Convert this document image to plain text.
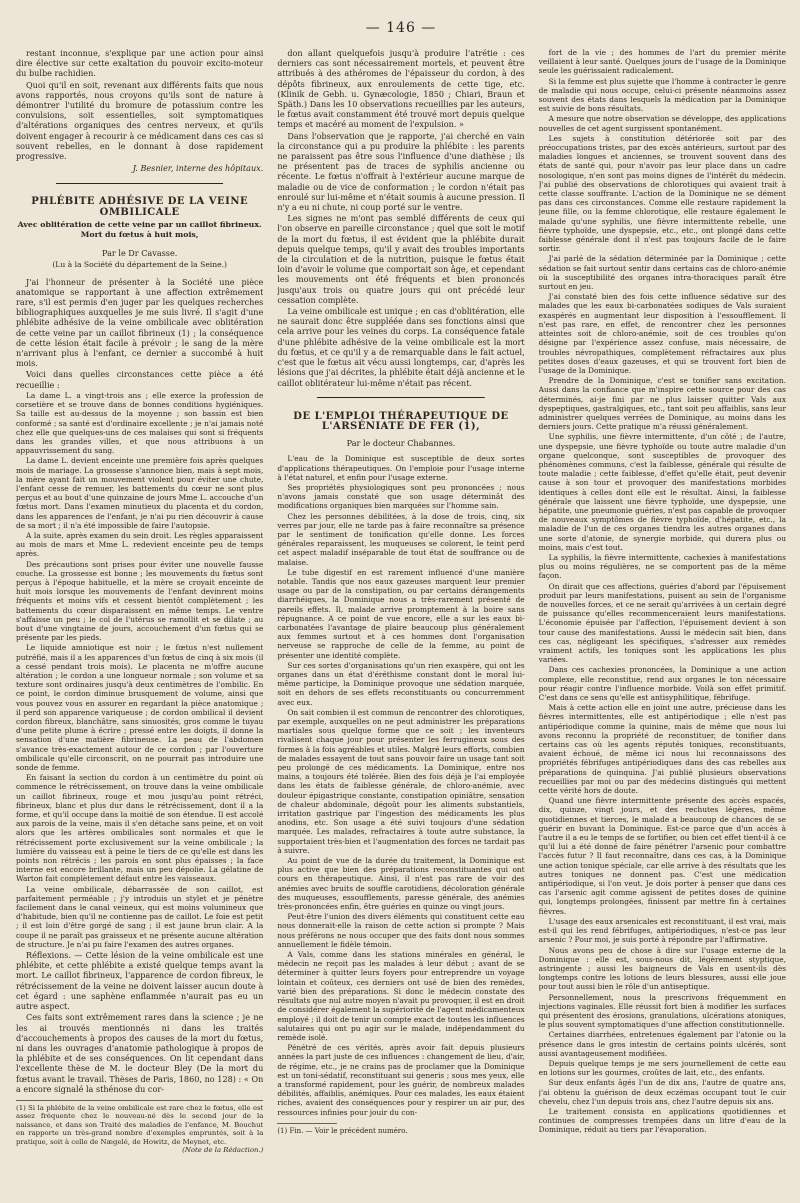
— 146 —

restant inconnue, s'explique par une action pour ainsi dire élective sur cette exaltation du pouvoir excito-moteur du bulbe rachidien.

Quoi qu'il en soit, revenant aux différents faits que nous avons rapportés, nous croyons qu'ils sont de nature à démontrer l'utilité du bromure de potassium contre les convulsions, soit essentielles, soit symptomatiques d'altérations organiques des centres nerveux, et qu'ils doivent engager à recourir à ce médicament dans ces cas si souvent rebelles, en le donnant à dose rapidement progressive.

J. Besnier, interne des hôpitaux.
PHLÉBITE ADHÉSIVE DE LA VEINE OMBILICALE
Avec oblitération de cette veine par un caillot fibrineux. Mort du fœtus à huit mois,
Par le Dr Cavasse.
(Lu à la Société du département de la Seine.)

J'ai l'honneur de présenter à la Société une pièce anatomique se rapportant à une affection extrêmement rare, s'il est permis d'en juger par les quelques recherches bibliographiques auxquelles je me suis livré. Il s'agit d'une phlébite adhésive de la veine ombilicale avec oblitération de cette veine par un caillot fibrineux (1) ; la conséquence de cette lésion était facile à prévoir ; le sang de la mère n'arrivant plus à l'enfant, ce dernier a succombé à huit mois.

Voici dans quelles circonstances cette pièce a été recueillie :

La dame L. a vingt-trois ans ; elle exerce la profession de corsetière et se trouve dans de bonnes conditions hygiéniques. Sa taille est au-dessus de la moyenne ; son bassin est bien conformé ; sa santé est d'ordinaire excellente ; je n'ai jamais noté chez elle que quelques-uns de ces malaises qui sont si fréquents dans les grandes villes, et que nous attribuons à un appauvrissement du sang.

La dame L. devient enceinte une première fois après quelques mois de mariage. La grossesse s'annonce bien, mais à sept mois, la mère ayant fait un mouvement violent pour éviter une chute, l'enfant cesse de remuer, les battements du cœur ne sont plus perçus et au bout d'une quinzaine de jours Mme L. accouche d'un fœtus mort. Dans l'examen minutieux du placenta et du cordon, dans les apparences de l'enfant, je n'ai pu rien découvrir à cause de sa mort ; il n'a été impossible de faire l'autopsie.

A la suite, après examen du sein droit. Les règles apparaissent au mois de mars et Mme L. redevient enceinte peu de temps après.

Des précautions sont prises pour éviter une nouvelle fausse couche. La grossesse est bonne ; les mouvements du fœtus sont perçus à l'époque habituelle, et la mère se croyait enceinte de huit mois lorsque les mouvements de l'enfant devinrent moins fréquents et moins vifs et cessent bientôt complètement ; les battements du cœur disparaissent en même temps. Le ventre s'affaisse un peu ; le col de l'utérus se ramollit et se dilate ; au bout d'une vingtaine de jours, accouchement d'un fœtus qui se présente par les pieds.

Le liquide amniotique est noir ; le fœtus n'est nullement putréfié, mais il a les apparences d'un fœtus de cinq à six mois (il a cessé pendant trois mois). Le placenta ne m'offre aucune altération ; le cordon a une longueur normale ; son volume et sa texture sont ordinaires jusqu'à deux centimètres de l'ombilic. En ce point, le cordon diminue brusquement de volume, ainsi que vous pouvez vous en assurer en regardant la pièce anatomique ; il perd son apparence variqueuse ; de cordon ombilical il devient cordon fibreux, blanchâtre, sans sinuosités, gros comme le tuyau d'une petite plume à écrire ; pressé entre les doigts, il donne la sensation d'une matière fibrineuse. La peau de l'abdomen s'avance très-exactement autour de ce cordon ; par l'ouverture ombilicale qu'elle circonscrit, on ne pourrait pas introduire une sonde de femme.

En faisant la section du cordon à un centimètre du point où commence le rétrécissement, on trouve dans la veine ombilicale un caillot fibrineux, rouge et mou jusqu'au point rétréci, fibrineux, blanc et plus dur dans le rétrécissement, dont il a la forme, et qu'il occupe dans la moitié de son étendue. Il est accolé aux parois de la veine, mais il s'en détache sans peine, et on voit alors que les artères ombilicales sont normales et que le rétrécissement porte exclusivement sur la veine ombilicale ; la lumière du vaisseau est à peine le tiers de ce qu'elle est dans les points non rétrécis ; les parois en sont plus épaisses ; la face interne est encore brillante, mais un peu dépolie. La gélatine de Warton fait complètement défaut entre les vaisseaux.

La veine ombilicale, débarrassée de son caillot, est parfaitement perméable ; j'y introduis un stylet et je pénètre facilement dans le canal veineux, qui est moins volumineux que d'habitude, bien qu'il ne contienne pas de caillot. Le foie est petit ; il est loin d'être gorgé de sang ; il est jaune brun clair. A la coupe il ne paraît pas graisseux et ne présente aucune altération de structure. Je n'ai pu faire l'examen des autres organes.

Réflexions. — Cette lésion de la veine ombilicale est une phlébite, et cette phlébite a existé quelque temps avant la mort. Le caillot fibrineux, l'apparence de cordon fibreux, le rétrécissement de la veine ne doivent laisser aucun doute à cet égard : une saphène enflammée n'aurait pas eu un autre aspect.

Ces faits sont extrêmement rares dans la science ; je ne les ai trouvés mentionnés ni dans les traités d'accouchements à propos des causes de la mort du fœtus, ni dans les ouvrages d'anatomie pathologique à propos de la phlébite et de ses conséquences. On lit cependant dans l'excellente thèse de M. le docteur Bley (De la mort du fœtus avant le travail. Thèses de Paris, 1860, no 128) : « On a encore signalé la sthénose du cor-

(1) Si la phlébite de la veine ombilicale est rare chez le fœtus, elle est assez fréquente chez le nouveau-né dès le second jour de la naissance, et dans son Traité des maladies de l'enfance, M. Bouchut en rapporte un très-grand nombre d'exemples empruntés, soit à la pratique, soit à celle de Nægelé, de Howitz, de Meynet, etc.
(Note de la Rédaction.)

don allant quelquefois jusqu'à produire l'atrétie : ces derniers cas sont nécessairement mortels, et peuvent être attribués à des athéromes de l'épaisseur du cordon, à des dépôts fibrineux, aux enroulements de cette tige, etc. (Klinik de Gebh. u. Gynæcologie, 1850 ; Chiari, Braun et Späth.) Dans les 10 observations recueillies par les auteurs, le fœtus avait constamment été trouvé mort depuis quelque temps et macéré au moment de l'expulsion. »

Dans l'observation que je rapporte, j'ai cherché en vain la circonstance qui a pu produire la phlébite : les parents ne paraissent pas être sous l'influence d'une diathèse ; ils ne présentent pas de traces de syphilis ancienne ou récente. Le fœtus n'offrait à l'extérieur aucune marque de maladie ou de vice de conformation ; le cordon n'était pas enroulé sur lui-même et n'était soumis à aucune pression. Il n'y a eu ni chute, ni coup porté sur le ventre.

Les signes ne m'ont pas semblé différents de ceux qui l'on observe en pareille circonstance ; quel que soit le motif de la mort du fœtus, il est évident que la phlébite durait depuis quelque temps, qu'il y avait des troubles importants de la circulation et de la nutrition, puisque le fœtus était loin d'avoir le volume que comportait son âge, et cependant les mouvements ont été fréquents et bien prononcés jusqu'aux trois ou quatre jours qui ont précédé leur cessation complète.

La veine ombilicale est unique ; en cas d'oblitération, elle ne saurait donc être suppléée dans ses fonctions ainsi que cela arrive pour les veines du corps. La conséquence fatale d'une phlébite adhésive de la veine ombilicale est la mort du fœtus, et ce qu'il y a de remarquable dans le fait actuel, c'est que le fœtus ait vécu aussi longtemps, car, d'après les lésions que j'ai décrites, la phlébite était déjà ancienne et le caillot oblitérateur lui-même n'était pas récent.

DE L'EMPLOI THÉRAPEUTIQUE DE L'ARSÉNIATE DE FER (1),
Par le docteur Chabannes.

L'eau de la Dominique est susceptible de deux sortes d'applications thérapeutiques. On l'emploie pour l'usage interne à l'état naturel, et enfin pour l'usage externe.

Ses propriétés physiologiques sont peu prononcées ; nous n'avons jamais constaté que son usage déterminât des modifications organiques bien marquées sur l'homme sain.

Chez les personnes débilitées, à la dose de trois, cinq, six verres par jour, elle ne tarde pas à faire reconnaître sa présence par le sentiment de tonification qu'elle donne. Les forces générales reparaissent, les muqueuses se colorent, le teint perd cet aspect maladif inséparable de tout état de souffrance ou de malaise.

Le tube digestif en est rarement influencé d'une manière notable. Tandis que nos eaux gazeuses marquent leur premier usage ou par de la constipation, ou par certains dérangements diarrhéiques, la Dominique nous a très-rarement présenté de pareils effets. Il, malade arrive promptement à la boire sans répugnance. A ce point de vue encore, elle a sur les eaux bi-carbonatées l'avantage de plaire beaucoup plus généralement aux femmes surtout et à ces hommes dont l'organisation nerveuse se rapproche de celle de la femme, au point de présenter une identité complète.

Sur ces sortes d'organisations qu'un rien exaspère, qui ont les organes dans un état d'éréthisme constant dont le moral lui-même participe, la Dominique provoque une sédation marquée, soit en dehors de ses effets reconstituants ou concurremment avec eux.

On sait combien il est commun de rencontrer des chlorotiques, par exemple, auxquelles on ne peut administrer les préparations martiales sous quelque forme que ce soit ; les inventeurs rivalisent chaque jour pour présenter les ferrugineux sous des formes à la fois agréables et utiles. Malgré leurs efforts, combien de malades essayent de tout sans pouvoir faire un usage tant soit peu prolongé de ces médicaments. La Dominique, entre nos mains, a toujours été tolérée. Bien des fois déjà je l'ai employée dans les états de faiblesse générale, de chloro-anémie, avec douleur épigastrique constante, constipation opiniâtre, sensation de chaleur abdominale, dégoût pour les aliments substantiels, irritation gastrique par l'ingestion des médicaments les plus anodins, etc. Son usage a été suivi toujours d'une sédation marquée. Les malades, refractaires à toute autre substance, la supportaient très-bien et l'augmentation des forces ne tardait pas à suivre.

Au point de vue de la durée du traitement, la Dominique est plus active que bien des préparations reconstituantes qui ont cours en thérapeutique. Ainsi, il n'est pas rare de voir des anémies avec bruits de souffle carotidiens, décoloration générale des muqueuses, essoufflements, paresse générale, des anémies très-prononcées enfin, être guéries en quinze ou vingt jours.

Peut-être l'union des divers éléments qui constituent cette eau nous donnerait-elle la raison de cette action si prompte ? Mais nous préférons ne nous occuper que des faits dont nous sommes annuellement le fidèle témoin.

A Vals, comme dans les stations minérales en général, le médecin ne reçoit pas les malades à leur début ; avant de se déterminer à quitter leurs foyers pour entreprendre un voyage lointain et coûteux, ces derniers ont usé de bien des remèdes, varié bien des préparations. Si donc le médecin constate des résultats que nul autre moyen n'avait pu provoquer, il est en droit de considérer également la supériorité de l'agent médicamenteux employé ; il doit de tenir un compte exact de toutes les influences salutaires qui ont pu agir sur le malade, indépendamment du remède isolé.

Pénétré de ces vérités, après avoir fait depuis plusieurs années la part juste de ces influences : changement de lieu, d'air, de régime, etc., je ne crains pas de proclamer que la Dominique est un toni-sédatif, reconstituant sui generis ; sous mes yeux, elle a transformé rapidement, pour les guérir, de nombreux malades débilités, affaiblis, anémiques. Pour ces malades, les eaux étaient riches, avaient des conséquences pour y respirer un air pur, des ressources infinies pour jouir du con-

(1) Fin. — Voir le précédent numéro.

fort de la vie ; des hommes de l'art du premier mérite veillaient à leur santé. Quelques jours de l'usage de la Dominique seule les guérissaient radicalement.

Si la femme est plus sujette que l'homme à contracter le genre de maladie qui nous occupe, celui-ci présente néanmoins assez souvent des états dans lesquels la médication par la Dominique est suivie de bons résultats.

A mesure que notre observation se développe, des applications nouvelles de cet agent surgissent spontanément.

Les sujets à constitution détériorée soit par des préoccupations tristes, par des excès antérieurs, surtout par des maladies longues et anciennes, se trouvent souvent dans des états de santé qui, pour n'avoir pas leur place dans un cadre nosologique, n'en sont pas moins dignes de l'intérêt du médecin. J'ai publié des observations de chlorotiques qui avaient trait à cette classe souffrante. L'action de la Dominique ne se dément pas dans ces circonstances. Comme elle restaure rapidement la jeune fille, ou la femme chlorotique, elle restaure également le malade qu'une syphilis, une fièvre intermittente rebelle, une fièvre typhoïde, une dyspepsie, etc., etc., ont plongé dans cette faiblesse générale dont il n'est pas toujours facile de le faire sortir.

J'ai parlé de la sédation déterminée par la Dominique ; cette sédation se fait surtout sentir dans certains cas de chloro-anémie où la susceptibilité des organes intra-thoraciques paraît être surtout en jeu.

J'ai constaté bien des fois cette influence sédative sur des malades que les eaux bi-carbonatées sodiques de Vals suraient exaspérés en augmentant leur disposition à l'essoufflement. Il n'est pas rare, en effet, de rencontrer chez les personnes atteintes soit de chloro-anémie, soit de ces troubles qu'on désigne par l'expérience assez confuse, mais nécessaire, de troubles névropathiques, complètement réfractaires aux plus petites doses d'eaux gazeuses, et qui se trouvent fort bien de l'usage de la Dominique.

Prendre de la Dominique, c'est se tonifier sans excitation. Aussi dans la confiance que m'inspire cette source pour des cas déterminés, ai-je fini par ne plus laisser quitter Vals aux dyspeptiques, gastralgiques, etc., tant soit peu affaiblis, sans leur administrer quelques verrées de Dominique, au moins dans les derniers jours. Cette pratique m'a réussi généralement.

Une syphilis, une fièvre intermittente, d'un côté ; de l'autre, une dyspepsie, une fièvre typhoïde ou toute autre maladie d'un organe quelconque, sont susceptibles de provoquer des phénomènes communs, c'est la faiblesse, générale qui résulte de toute maladie ; cette faiblesse, d'effet qu'elle était, peut devenir cause à son tour et provoquer des manifestations morbides identiques à celles dont elle est le résultat. Ainsi, la faiblesse générale que laissent une fièvre typhoïde, une dyspepsie, une hépatite, une pneumonie guéries, n'est pas capable de provoquer de nouveaux symptômes de fièvre typhoïde, d'hépatite, etc., la maladie de l'un de ces organes tiendra les autres organes dans une sorte d'atonie, de synergie morbide, qui durera plus ou moins, mais c'est tout.

La syphilis, la fièvre intermittente, cachexies à manifestations plus ou moins régulières, ne se comportent pas de la même façon.

On dirait que ces affections, guéries d'abord par l'épuisement produit par leurs manifestations, puisent au sein de l'organisme de nouvelles forces, et ce ne serait qu'arrivées à un certain degré de puissance qu'elles recommenceraient leurs manifestations. L'économie épuisée par l'affection, l'épuisement devient à son tour cause des manifestations. Aussi le médecin sait bien, dans ces cas, négligeant les spécifiques, s'adresser aux remèdes vraiment actifs, les toniques sont les applications les plus variées.

Dans ces cachexies prononcées, la Dominique a une action complexe, elle reconstitue, rend aux organes le ton nécessaire pour réagir contre l'influence morbide. Voilà son effet primitif. C'est dans ce sens qu'elle est antisyphilitique, fébrifuge.

Mais à cette action elle en joint une autre, précieuse dans les fièvres intermittentes, elle est antipériodique ; elle n'est pas antipériodique comme la quinine, mais de même que nous lui avons reconnu la propriété de reconstituer, de tonifier dans certains cas où les agents réputés toniques, reconstituants, avaient échoué, de même ici nous lui reconnaissons des propriétés fébrifuges antipériodiques dans des cas rebelles aux préparations de quinquina. J'ai publié plusieurs observations recueillies par moi ou par des médecins distingués qui mettent cette vérité hors de doute.

Quand une fièvre intermittente présente des accès espacés, dix, quinze, vingt jours, et des rechutes légères, même quotidiennes et tierces, le malade a beaucoup de chances de se guérir en buvant la Dominique. Est-ce parce que d'un accès à l'autre il a eu le temps de se fortifier, ou bien cet effet tient-il à ce qu'il lui a été donné de faire pénétrer l'arsenic pour combattre l'accès futur ? Il faut reconnaître, dans ces cas, à la Dominique une action tonique spéciale, car elle arrive à des résultats que les autres toniques ne donnent pas. C'est une médication antipériodique, si l'on veut. Je dois porter à penser que dans ces cas l'arsenic agit comme agissent de petites doses de quinine qui, longtemps prolongées, finissent par mettre fin à certaines fièvres.

L'usage des eaux arsenicales est reconstituant, il est vrai, mais est-il qui les rend fébrifuges, antipériodiques, n'est-ce pas leur arsenic ? Pour moi, je suis porté à répondre par l'affirmative.

Nous avons peu de chose à dire sur l'usage externe de la Dominique : elle est, sous-nous dit, légèrement styptique, astringente ; aussi les baigneurs de Vals en usent-ils dès longtemps contre les lotions de leurs blessures, aussi elle joue pour tout aussi bien le rôle d'un antiseptique.

Personnellement, nous la prescrivons fréquemment en injections vaginales. Elle réussit fort bien à modifier les surfaces qui présentent des érosions, granulations, ulcérations atoniques, le plus souvent symptomatiques d'une affection constitutionnelle.

Certaines diarrhées, entretenues également par l'atonie ou la présence dans le gros intestin de certains points ulcérés, sont aussi avantageusement modifiées.

Depuis quelque temps je me sers journellement de cette eau en lotions sur les gourmes, croûtes de lait, etc., des enfants.

Sur deux enfants âgés l'un de dix ans, l'autre de quatre ans, j'ai obtenu la guérison de deux eczémas occupant tout le cuir chevelu, chez l'un depuis trois ans, chez l'autre depuis six ans.

Le traitement consista en applications quotidiennes et continues de compresses trempées dans un litre d'eau de la Dominique, réduit au tiers par l'évaporation.
